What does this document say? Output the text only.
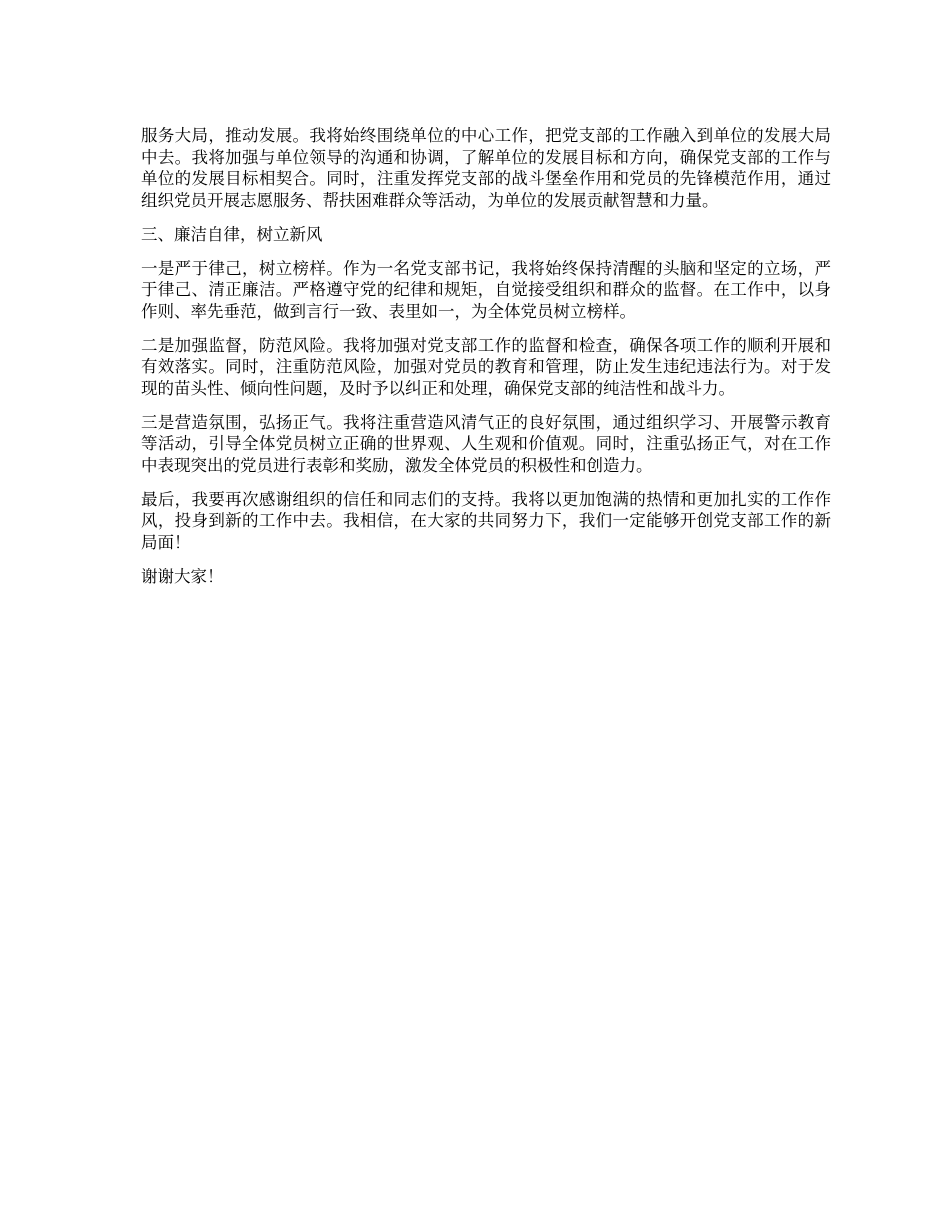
服务大局，推动发展。我将始终围绕单位的中心工作，把党支部的工作融入到单位的发展大局中去。我将加强与单位领导的沟通和协调，了解单位的发展目标和方向，确保党支部的工作与单位的发展目标相契合。同时，注重发挥党支部的战斗堡垒作用和党员的先锋模范作用，通过组织党员开展志愿服务、帮扶困难群众等活动，为单位的发展贡献智慧和力量。

三、廉洁自律，树立新风

一是严于律己，树立榜样。作为一名党支部书记，我将始终保持清醒的头脑和坚定的立场，严于律己、清正廉洁。严格遵守党的纪律和规矩，自觉接受组织和群众的监督。在工作中，以身作则、率先垂范，做到言行一致、表里如一，为全体党员树立榜样。

二是加强监督，防范风险。我将加强对党支部工作的监督和检查，确保各项工作的顺利开展和有效落实。同时，注重防范风险，加强对党员的教育和管理，防止发生违纪违法行为。对于发现的苗头性、倾向性问题，及时予以纠正和处理，确保党支部的纯洁性和战斗力。

三是营造氛围，弘扬正气。我将注重营造风清气正的良好氛围，通过组织学习、开展警示教育等活动，引导全体党员树立正确的世界观、人生观和价值观。同时，注重弘扬正气，对在工作中表现突出的党员进行表彰和奖励，激发全体党员的积极性和创造力。

最后，我要再次感谢组织的信任和同志们的支持。我将以更加饱满的热情和更加扎实的工作作风，投身到新的工作中去。我相信，在大家的共同努力下，我们一定能够开创党支部工作的新局面！

谢谢大家！
